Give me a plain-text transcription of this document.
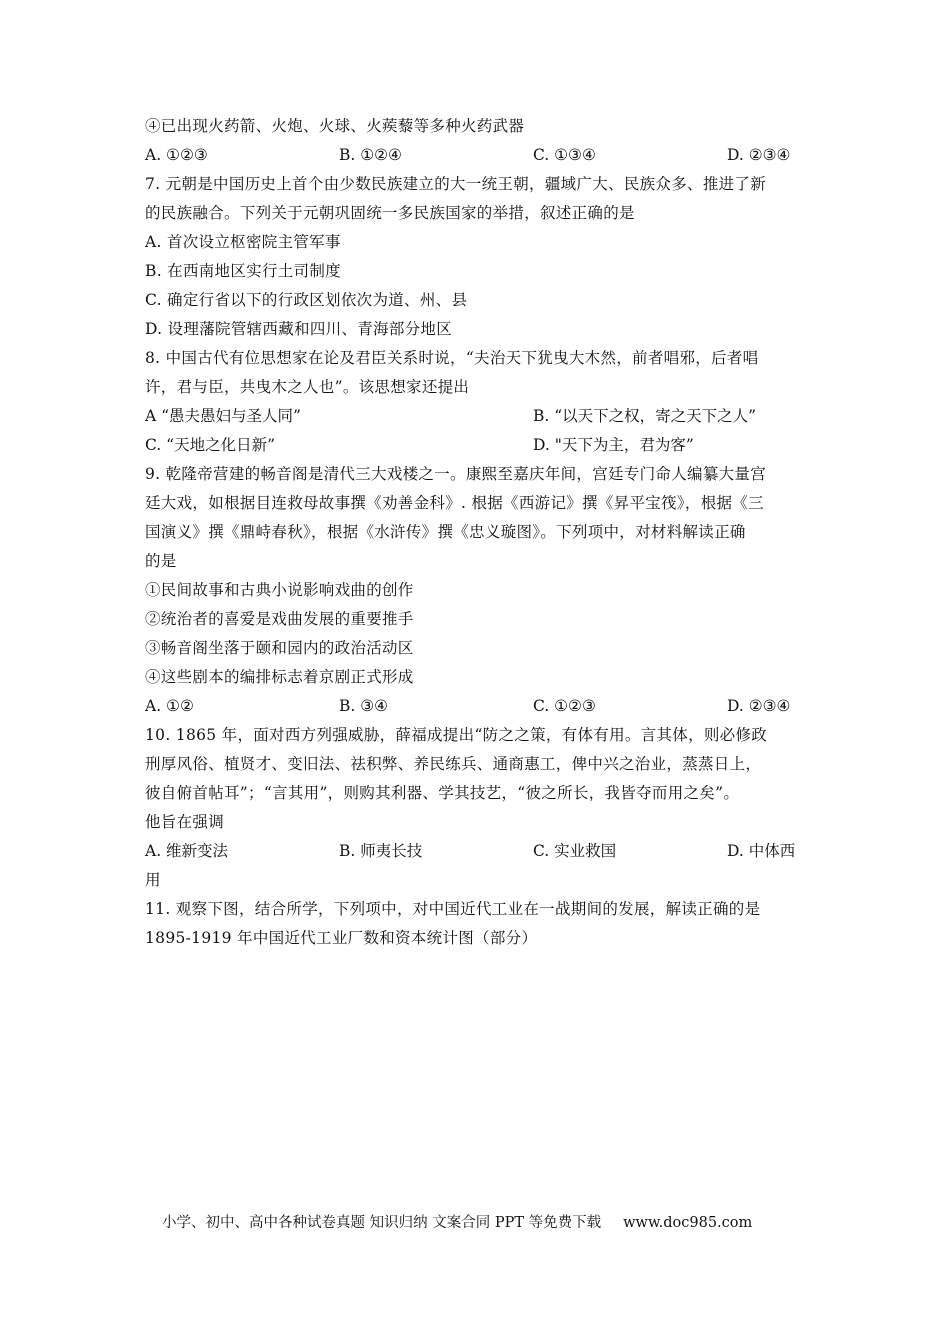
④已出现火药箭、火炮、火球、火蒺藜等多种火药武器
A. ①②③	B. ①②④	C. ①③④	D. ②③④
7. 元朝是中国历史上首个由少数民族建立的大一统王朝，疆域广大、民族众多、推进了新
的民族融合。下列关于元朝巩固统一多民族国家的举措，叙述正确的是
A. 首次设立枢密院主管军事
B. 在西南地区实行土司制度
C. 确定行省以下的行政区划依次为道、州、县
D. 设理藩院管辖西藏和四川、青海部分地区
8. 中国古代有位思想家在论及君臣关系时说，“夫治天下犹曳大木然，前者唱邪，后者唱
许，君与臣，共曳木之人也”。该思想家还提出
A “愚夫愚妇与圣人同”	B. “以天下之权，寄之天下之人”
C. “天地之化日新”	D. "天下为主，君为客”
9. 乾隆帝营建的畅音阁是清代三大戏楼之一。康熙至嘉庆年间，宫廷专门命人编纂大量宫
廷大戏，如根据目连救母故事撰《劝善金科》. 根据《西游记》撰《昇平宝筏》，根据《三
国演义》撰《鼎峙春秋》，根据《水浒传》撰《忠义璇图》。下列项中，对材料解读正确
的是
①民间故事和古典小说影响戏曲的创作
②统治者的喜爱是戏曲发展的重要推手
③畅音阁坐落于颐和园内的政治活动区
④这些剧本的编排标志着京剧正式形成
A. ①②	B. ③④	C. ①②③	D. ②③④
10. 1865 年，面对西方列强威胁，薛福成提出“防之之策，有体有用。言其体，则必修政
刑厚风俗、植贤才、变旧法、祛积弊、养民练兵、通商惠工，俾中兴之治业，蒸蒸日上，
彼自俯首帖耳”；“言其用”，则购其利器、学其技艺，“彼之所长，我皆夺而用之矣”。
他旨在强调
A. 维新变法	B. 师夷长技	C. 实业救国	D. 中体西
用
11. 观察下图，结合所学，下列项中，对中国近代工业在一战期间的发展，解读正确的是
1895-1919 年中国近代工业厂数和资本统计图（部分）
小学、初中、高中各种试卷真题 知识归纳 文案合同 PPT 等免费下载 www.doc985.com
